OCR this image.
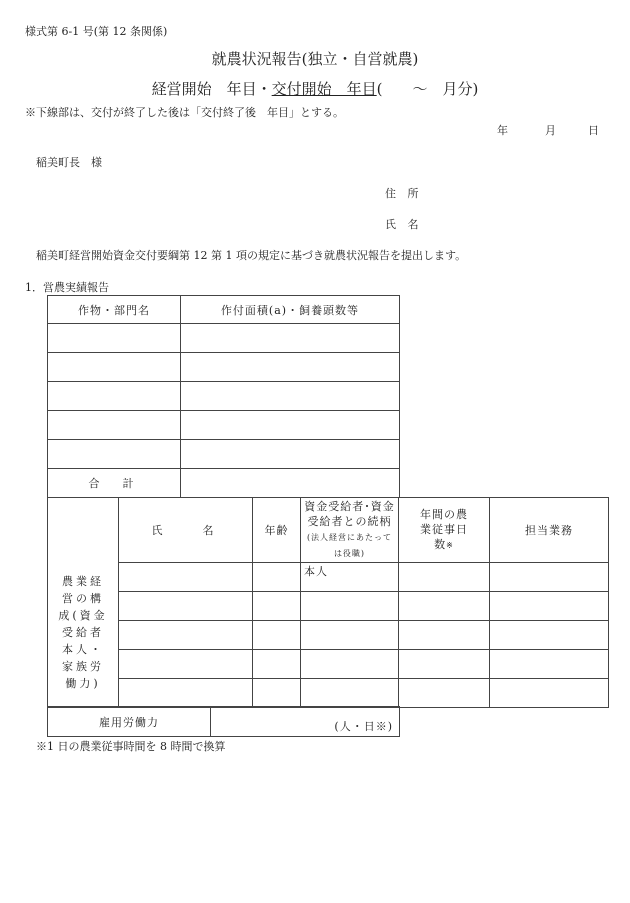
様式第 6-1 号(第 12 条関係)
就農状況報告(独立・自営就農)
経営開始　年目・交付開始　年目(　　〜　月分)
※下線部は、交付が終了した後は「交付終了後　年目」とする。
年	月	日
稲美町長　様
住 所
氏 名
稲美町経営開始資金交付要綱第 12 第 1 項の規定に基づき就農状況報告を提出します。
1．営農実績報告
作物・部門名	作付面積(a)・飼養頭数等

合　計	
農業経営の構成(資金受給者本人・家族労働力)	氏　　名	年齢	資金受給者･資金受給者との続柄(法人経営にあたっては役職)	年間の農業従事日数※	担当業務
			本人		

雇用労働力	(人・日※)
※1 日の農業従事時間を 8 時間で換算
